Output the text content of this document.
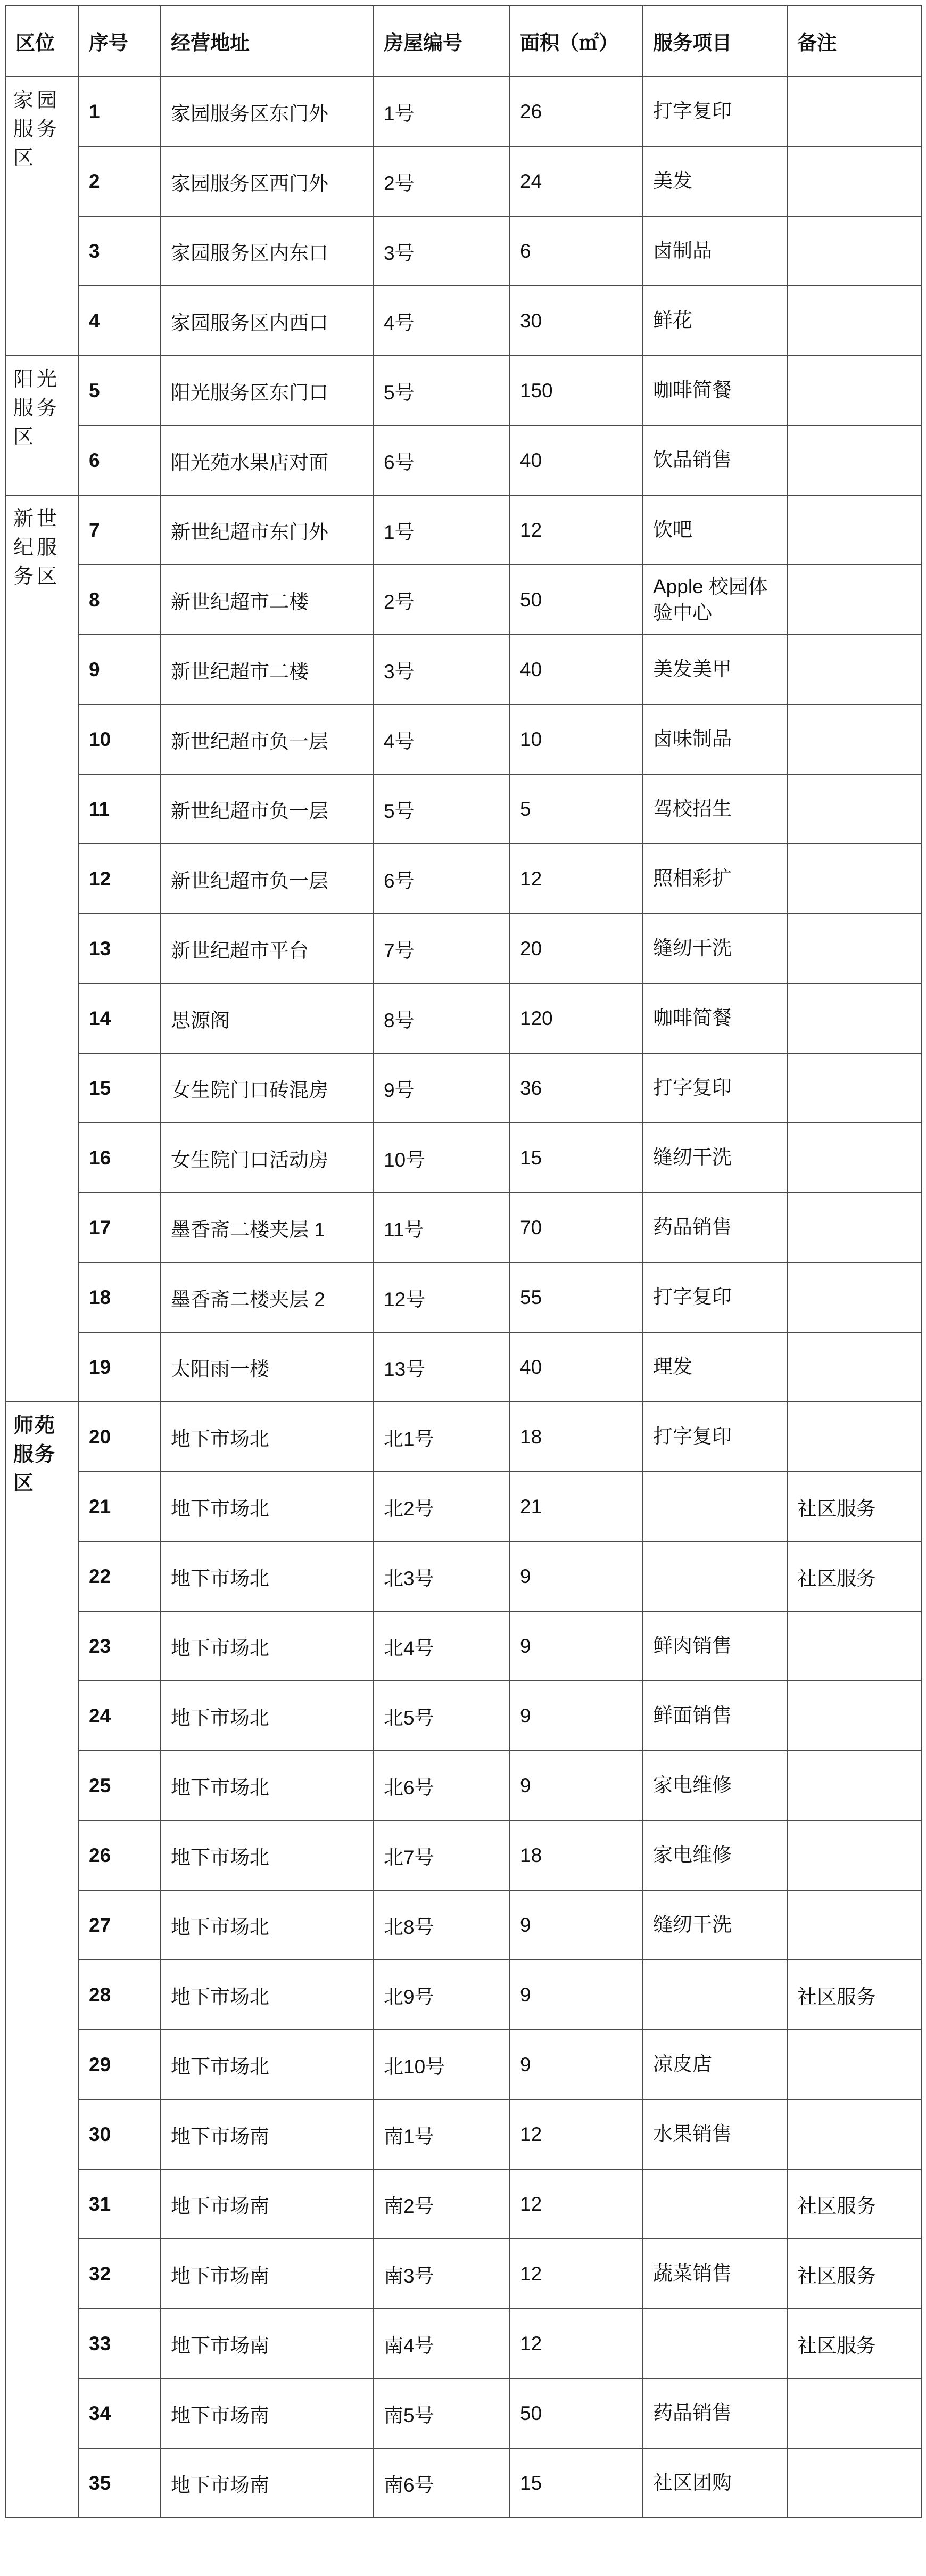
区位	序号	经营地址	房屋编号	面积（㎡）	服务项目	备注
家园服务区	1	家园服务区东门外	1号	26	打字复印	
	2	家园服务区西门外	2号	24	美发	
	3	家园服务区内东口	3号	6	卤制品	
	4	家园服务区内西口	4号	30	鲜花	
阳光服务区	5	阳光服务区东门口	5号	150	咖啡简餐	
	6	阳光苑水果店对面	6号	40	饮品销售	
新世纪服务区	7	新世纪超市东门外	1号	12	饮吧	
	8	新世纪超市二楼	2号	50	Apple 校园体验中心	
	9	新世纪超市二楼	3号	40	美发美甲	
	10	新世纪超市负一层	4号	10	卤味制品	
	11	新世纪超市负一层	5号	5	驾校招生	
	12	新世纪超市负一层	6号	12	照相彩扩	
	13	新世纪超市平台	7号	20	缝纫干洗	
	14	思源阁	8号	120	咖啡简餐	
	15	女生院门口砖混房	9号	36	打字复印	
	16	女生院门口活动房	10号	15	缝纫干洗	
	17	墨香斋二楼夹层 1	11号	70	药品销售	
	18	墨香斋二楼夹层 2	12号	55	打字复印	
	19	太阳雨一楼	13号	40	理发	
师苑服务区	20	地下市场北	北1号	18	打字复印	
	21	地下市场北	北2号	21		社区服务
	22	地下市场北	北3号	9		社区服务
	23	地下市场北	北4号	9	鲜肉销售	
	24	地下市场北	北5号	9	鲜面销售	
	25	地下市场北	北6号	9	家电维修	
	26	地下市场北	北7号	18	家电维修	
	27	地下市场北	北8号	9	缝纫干洗	
	28	地下市场北	北9号	9		社区服务
	29	地下市场北	北10号	9	凉皮店	
	30	地下市场南	南1号	12	水果销售	
	31	地下市场南	南2号	12		社区服务
	32	地下市场南	南3号	12	蔬菜销售	社区服务
	33	地下市场南	南4号	12		社区服务
	34	地下市场南	南5号	50	药品销售	
	35	地下市场南	南6号	15	社区团购	
